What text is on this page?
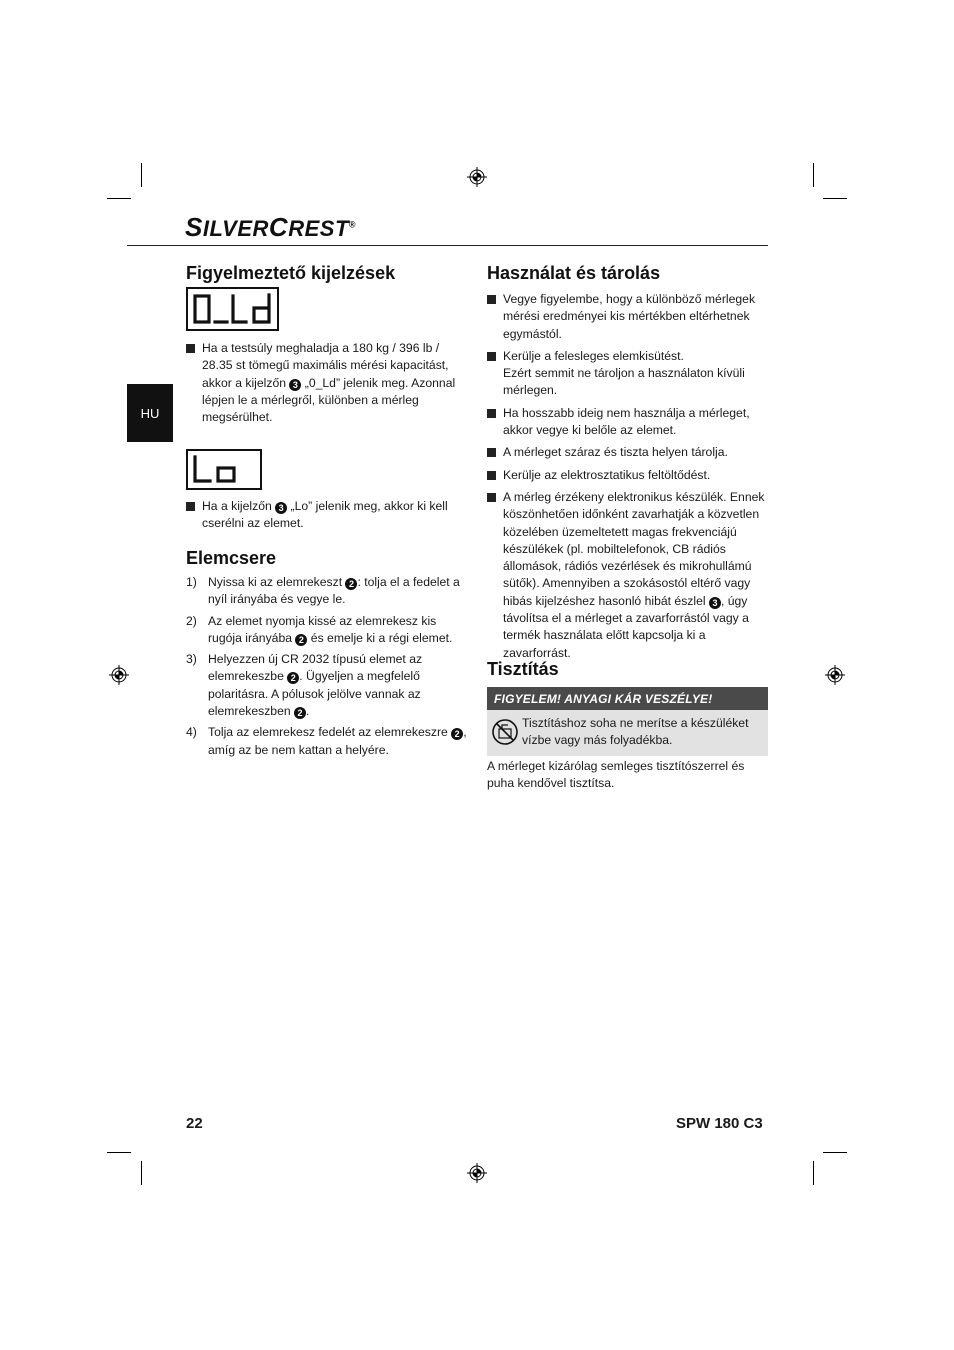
SILVERCREST®
HU
Figyelmeztető kijelzések
Ha a testsúly meghaladja a 180 kg / 396 lb / 28.35 st tömegű maximális mérési kapacitást, akkor a kijelzőn 3 „0_Ld” jelenik meg. Azonnal lépjen le a mérlegről, különben a mérleg megsérülhet.
Ha a kijelzőn 3 „Lo” jelenik meg, akkor ki kell cserélni az elemet.
Elemcsere
1) Nyissa ki az elemrekeszt 2 : tolja el a fedelet a nyíl irányába és vegye le.
2) Az elemet nyomja kissé az elemrekesz kis rugója irányába 2 és emelje ki a régi elemet.
3) Helyezzen új CR 2032 típusú elemet az elemrekeszbe 2 . Ügyeljen a megfelelő polaritásra. A pólusok jelölve vannak az elemrekeszben 2 .
4) Tolja az elemrekesz fedelét az elemrekeszre 2 , amíg az be nem kattan a helyére.
Használat és tárolás
Vegye figyelembe, hogy a különböző mérlegek mérési eredményei kis mértékben eltérhetnek egymástól.
Kerülje a felesleges elemkisütést.
Ezért semmit ne tároljon a használaton kívüli mérlegen.
Ha hosszabb ideig nem használja a mérleget, akkor vegye ki belőle az elemet.
A mérleget száraz és tiszta helyen tárolja.
Kerülje az elektrosztatikus feltöltődést.
A mérleg érzékeny elektronikus készülék. Ennek köszönhetően időnként zavarhatják a közvetlen közelében üzemeltetett magas frekvenciájú készülékek (pl. mobiltelefonok, CB rádiós állomások, rádiós vezérlések és mikrohullámú sütők). Amennyiben a szokásostól eltérő vagy hibás kijelzéshez hasonló hibát észlel 3 , úgy távolítsa el a mérleget a zavarforrástól vagy a termék használata előtt kapcsolja ki a zavarforrást.
Tisztítás
FIGYELEM! ANYAGI KÁR VESZÉLYE!
Tisztításhoz soha ne merítse a készüléket vízbe vagy más folyadékba.
A mérleget kizárólag semleges tisztítószerrel és puha kendővel tisztítsa.
22	SPW 180 C3
